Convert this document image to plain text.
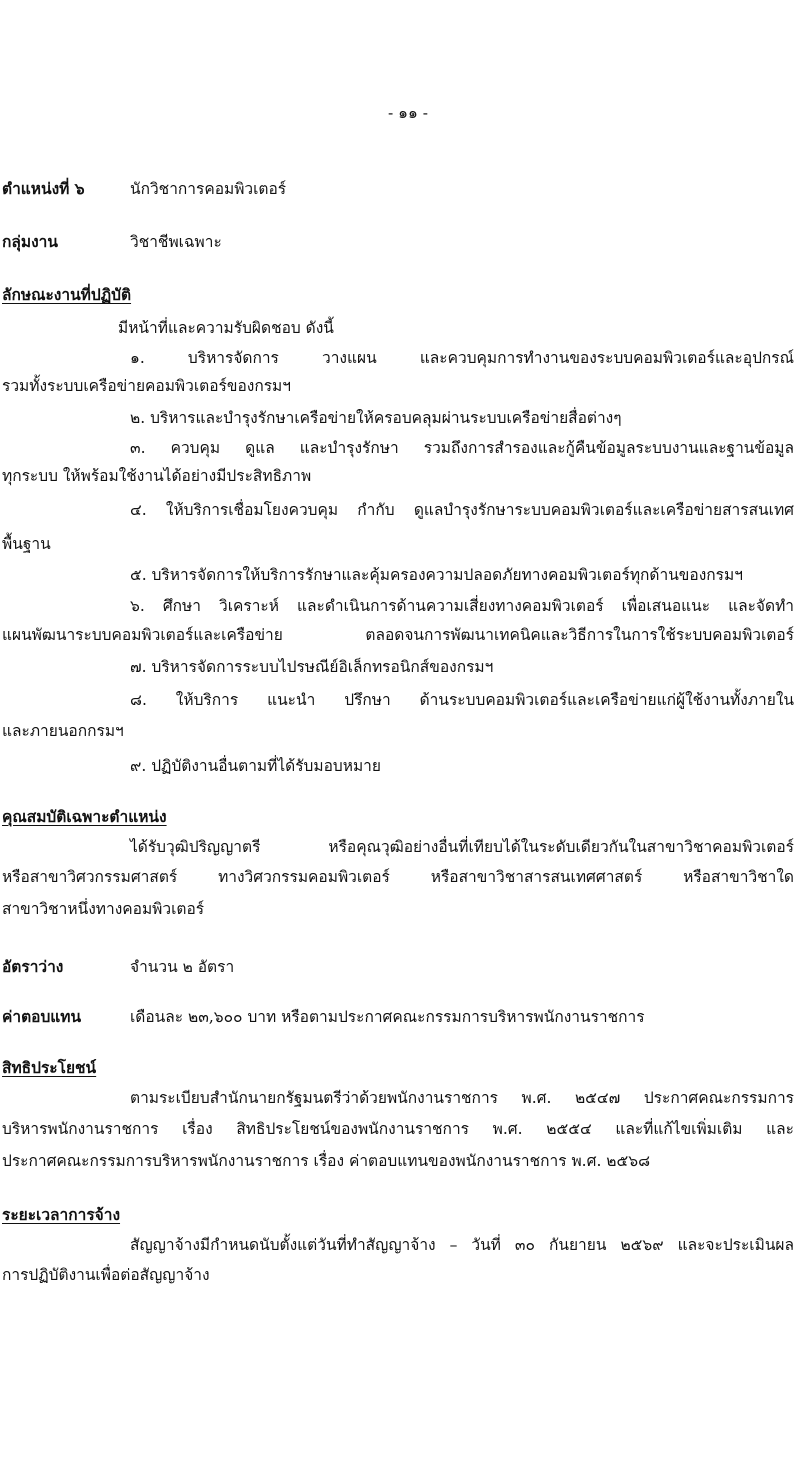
- ๑๑ -
ตำแหน่งที่ ๖	นักวิชาการคอมพิวเตอร์
กลุ่มงาน	วิชาชีพเฉพาะ
ลักษณะงานที่ปฏิบัติ
มีหน้าที่และความรับผิดชอบ ดังนี้
๑. บริหารจัดการ วางแผน และควบคุมการทำงานของระบบคอมพิวเตอร์และอุปกรณ์
รวมทั้งระบบเครือข่ายคอมพิวเตอร์ของกรมฯ
๒. บริหารและบำรุงรักษาเครือข่ายให้ครอบคลุมผ่านระบบเครือข่ายสื่อต่างๆ
๓. ควบคุม ดูแล และบำรุงรักษา รวมถึงการสำรองและกู้คืนข้อมูลระบบงานและฐานข้อมูล
ทุกระบบ ให้พร้อมใช้งานได้อย่างมีประสิทธิภาพ
๔. ให้บริการเชื่อมโยงควบคุม กำกับ ดูแลบำรุงรักษาระบบคอมพิวเตอร์และเครือข่ายสารสนเทศ
พื้นฐาน
๕. บริหารจัดการให้บริการรักษาและคุ้มครองความปลอดภัยทางคอมพิวเตอร์ทุกด้านของกรมฯ
๖. ศึกษา วิเคราะห์ และดำเนินการด้านความเสี่ยงทางคอมพิวเตอร์ เพื่อเสนอแนะ และจัดทำ
แผนพัฒนาระบบคอมพิวเตอร์และเครือข่าย ตลอดจนการพัฒนาเทคนิคและวิธีการในการใช้ระบบคอมพิวเตอร์
๗. บริหารจัดการระบบไปรษณีย์อิเล็กทรอนิกส์ของกรมฯ
๘. ให้บริการ แนะนำ ปรึกษา ด้านระบบคอมพิวเตอร์และเครือข่ายแก่ผู้ใช้งานทั้งภายใน
และภายนอกกรมฯ
๙. ปฏิบัติงานอื่นตามที่ได้รับมอบหมาย
คุณสมบัติเฉพาะตำแหน่ง
ได้รับวุฒิปริญญาตรี หรือคุณวุฒิอย่างอื่นที่เทียบได้ในระดับเดียวกันในสาขาวิชาคอมพิวเตอร์
หรือสาขาวิศวกรรมศาสตร์ ทางวิศวกรรมคอมพิวเตอร์ หรือสาขาวิชาสารสนเทศศาสตร์ หรือสาขาวิชาใด
สาขาวิชาหนึ่งทางคอมพิวเตอร์
อัตราว่าง	จำนวน ๒ อัตรา
ค่าตอบแทน	เดือนละ ๒๓,๖๐๐ บาท หรือตามประกาศคณะกรรมการบริหารพนักงานราชการ
สิทธิประโยชน์
ตามระเบียบสำนักนายกรัฐมนตรีว่าด้วยพนักงานราชการ พ.ศ. ๒๕๔๗ ประกาศคณะกรรมการ
บริหารพนักงานราชการ เรื่อง สิทธิประโยชน์ของพนักงานราชการ พ.ศ. ๒๕๕๔ และที่แก้ไขเพิ่มเติม และ
ประกาศคณะกรรมการบริหารพนักงานราชการ เรื่อง ค่าตอบแทนของพนักงานราชการ พ.ศ. ๒๕๖๘
ระยะเวลาการจ้าง
สัญญาจ้างมีกำหนดนับตั้งแต่วันที่ทำสัญญาจ้าง – วันที่ ๓๐ กันยายน ๒๕๖๙ และจะประเมินผล
การปฏิบัติงานเพื่อต่อสัญญาจ้าง
